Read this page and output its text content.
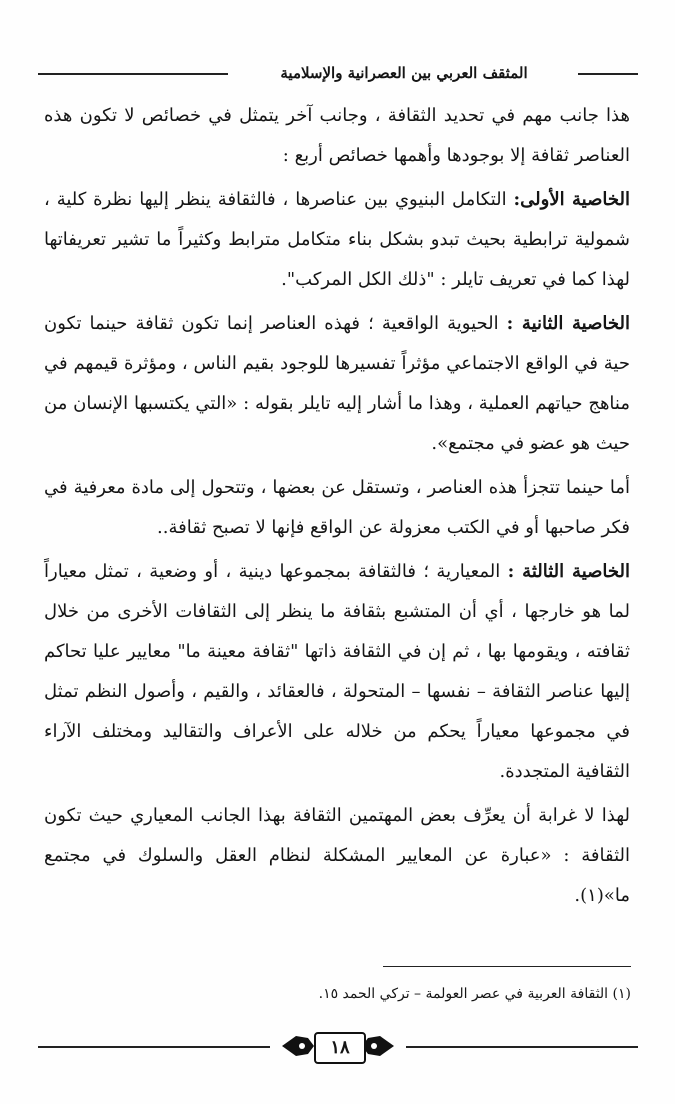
المثقف العربي بين العصرانية والإسلامية

هذا جانب مهم في تحديد الثقافة ، وجانب آخر يتمثل في خصائص لا تكون هذه العناصر ثقافة إلا بوجودها وأهمها خصائص أربع :

الخاصية الأولى: التكامل البنيوي بين عناصرها ، فالثقافة ينظر إليها نظرة كلية ، شمولية ترابطية بحيث تبدو بشكل بناء متكامل مترابط وكثيراً ما تشير تعريفاتها لهذا كما في تعريف تايلر : "ذلك الكل المركب".

الخاصية الثانية : الحيوية الواقعية ؛ فهذه العناصر إنما تكون ثقافة حينما تكون حية في الواقع الاجتماعي مؤثراً تفسيرها للوجود بقيم الناس ، ومؤثرة قيمهم في مناهج حياتهم العملية ، وهذا ما أشار إليه تايلر بقوله : «التي يكتسبها الإنسان من حيث هو عضو في مجتمع».

أما حينما تتجزأ هذه العناصر ، وتستقل عن بعضها ، وتتحول إلى مادة معرفية في فكر صاحبها أو في الكتب معزولة عن الواقع فإنها لا تصبح ثقافة..

الخاصية الثالثة : المعيارية ؛ فالثقافة بمجموعها دينية ، أو وضعية ، تمثل معياراً لما هو خارجها ، أي أن المتشبع بثقافة ما ينظر إلى الثقافات الأخرى من خلال ثقافته ، ويقومها بها ، ثم إن في الثقافة ذاتها "ثقافة معينة ما" معايير عليا تحاكم إليها عناصر الثقافة – نفسها – المتحولة ، فالعقائد ، والقيم ، وأصول النظم تمثل في مجموعها معياراً يحكم من خلاله على الأعراف والتقاليد ومختلف الآراء الثقافية المتجددة.

لهذا لا غرابة أن يعرِّف بعض المهتمين الثقافة بهذا الجانب المعياري حيث تكون الثقافة : «عبارة عن المعايير المشكلة لنظام العقل والسلوك في مجتمع ما»(١).

(١) الثقافة العربية في عصر العولمة – تركي الحمد ١٥.
١٨
